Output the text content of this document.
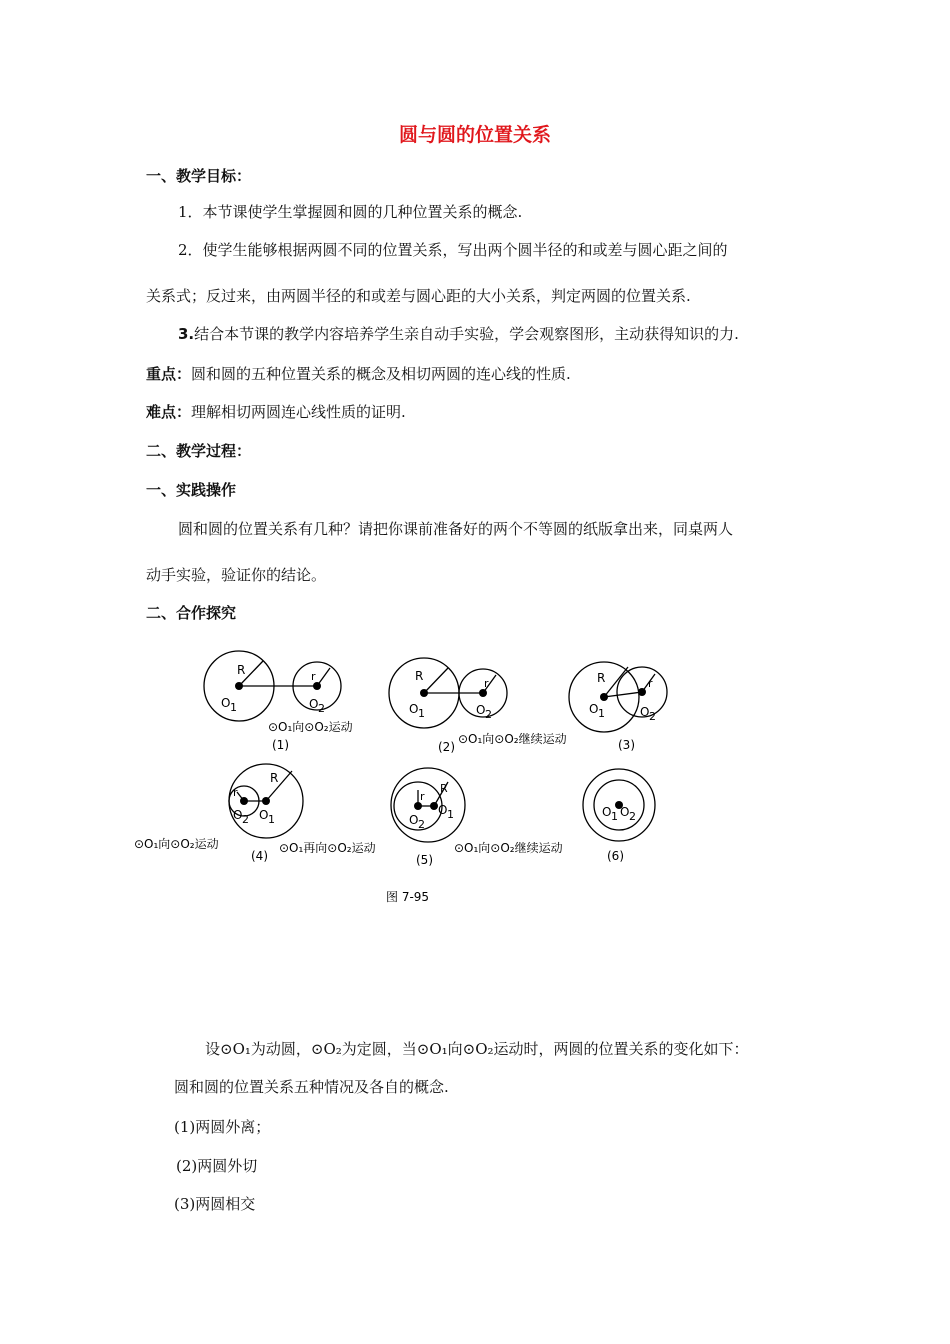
圆与圆的位置关系
一、教学目标：
1．本节课使学生掌握圆和圆的几种位置关系的概念.
2．使学生能够根据两圆不同的位置关系，写出两个圆半径的和或差与圆心距之间的
关系式；反过来，由两圆半径的和或差与圆心距的大小关系，判定两圆的位置关系.
3.结合本节课的教学内容培养学生亲自动手实验，学会观察图形，主动获得知识的力.
重点：圆和圆的五种位置关系的概念及相切两圆的连心线的性质.
难点：理解相切两圆连心线性质的证明.
二、教学过程：
一、实践操作
圆和圆的位置关系有几种？请把你课前准备好的两个不等圆的纸版拿出来，同桌两人
动手实验，验证你的结论。
二、合作探究
R	r
O 1	O 2
⊙O₁向⊙O₂运动
(1)
R
r
O 1	O 2
(2)
⊙O₁向⊙O₂继续运动	(3)
R	r
O 1	O 2
R
r
O 2 O 1
⊙O₁向⊙O₂运动
(4)
R
r
O 2
O 1
⊙O₁再向⊙O₂运动
(5)
O 1 O 2
⊙O₁向⊙O₂继续运动
(6)
图 7-95
设⊙O₁为动圆，⊙O₂为定圆，当⊙O₁向⊙O₂运动时，两圆的位置关系的变化如下：
圆和圆的位置关系五种情况及各自的概念.
(1)两圆外离；
(2)两圆外切
(3)两圆相交
